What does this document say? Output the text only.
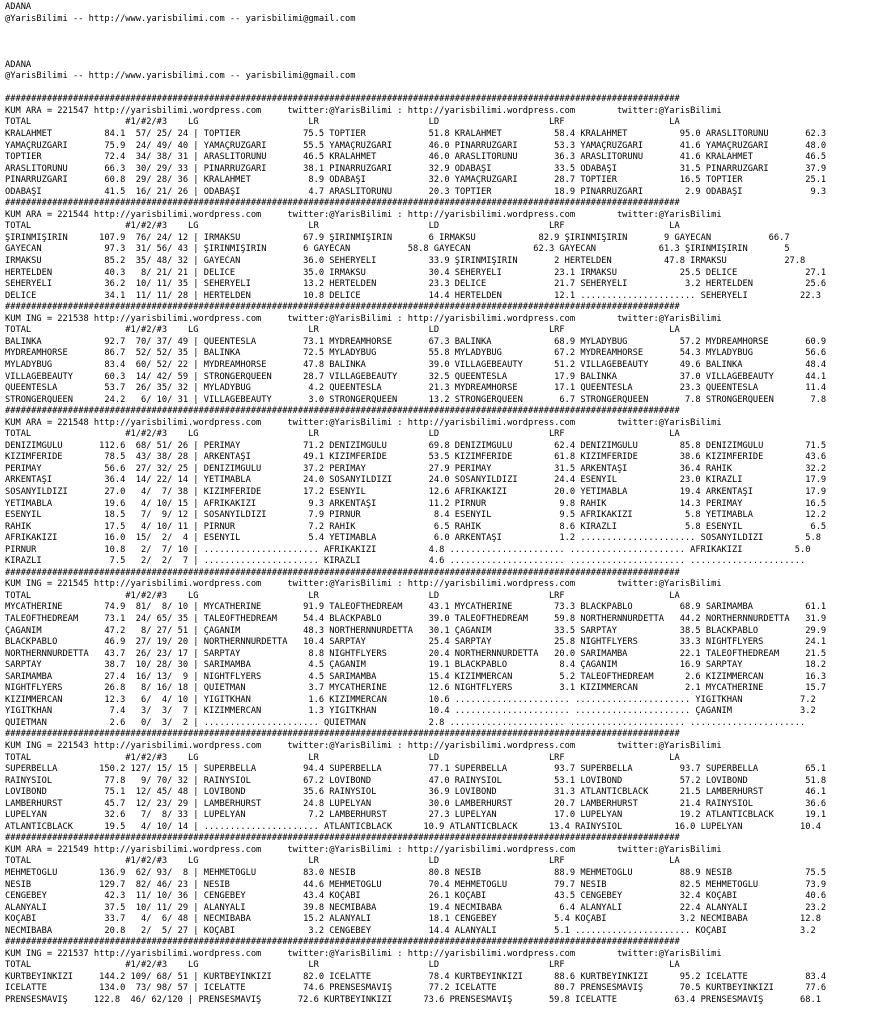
ADANA
@YarisBilimi -- http://www.yarisbilimi.com -- yarisbilimi@gmail.com

ADANA
@YarisBilimi -- http://www.yarisbilimi.com -- yarisbilimi@gmail.com

#################################################################################################################################
KUM ARA = 221547 http://yarisbilimi.wordpress.com     twitter:@YarisBilimi : http://yarisbilimi.wordpress.com        twitter:@YarisBilimi
TOTAL                  #1/#2/#3    LG                     LR                     LD                     LRF                    LA
KRALAHMET          84.1  57/ 25/ 24 | TOPTIER            75.5 TOPTIER            51.8 KRALAHMET          58.4 KRALAHMET          95.0 ARASLITORUNU       62.3
YAMAÇRÜZGARI       75.9  24/ 49/ 40 | YAMAÇRÜZGARI       55.5 YAMAÇRÜZGARI       46.0 PINARRÜZGARI       53.3 YAMAÇRÜZGARI       41.6 YAMAÇRÜZGARI       48.0
TOPTIER            72.4  34/ 38/ 31 | ARASLITORUNU       46.5 KRALAHMET          46.0 ARASLITORUNU       36.3 ARASLITORUNU       41.6 KRALAHMET          46.5
ARASLITORUNU       66.3  30/ 29/ 33 | PINARRÜZGARI       38.1 PINARRÜZGARI       32.9 ODABAŞI            33.5 ODABAŞI            31.5 PINARRÜZGARI       37.9
PINARRÜZGARI       60.8  29/ 28/ 36 | KRALAHMET           8.9 ODABAŞI            32.0 YAMAÇRÜZGARI       28.7 TOPTIER            16.5 TOPTIER            25.1
ODABAŞI            41.5  16/ 21/ 26 | ODABAŞI             4.7 ARASLITORUNU       20.3 TOPTIER            18.9 PINARRÜZGARI        2.9 ODABAŞI             9.3
#################################################################################################################################
KUM ARA = 221544 http://yarisbilimi.wordpress.com     twitter:@YarisBilimi : http://yarisbilimi.wordpress.com        twitter:@YarisBilimi
TOTAL                  #1/#2/#3    LG                     LR                     LD                     LRF                    LA
ŞİRİNMİŞİRİN      107.9  76/ 24/ 12 | IRMAKSU            67.9 ŞİRİNMİŞİRİN       6 IRMAKSU            82.9 ŞİRİNMİŞİRİN       9 GAYECAN           66.7
GAYECAN            97.3  31/ 56/ 43 | ŞİRİNMİŞİRİN       6 GAYECAN           58.8 GAYECAN            62.3 GAYECAN            61.3 ŞİRİNMİŞİRİN       5
IRMAKSU            85.2  35/ 48/ 32 | GAYECAN            36.0 SEHERYELİ          33.9 ŞİRİNMİŞİRİN       2 HERTELDEN          47.8 IRMAKSU           27.8
HERTELDEN          40.3   8/ 21/ 21 | DELİCE             35.0 IRMAKSU            30.4 SEHERYELİ          23.1 IRMAKSU            25.5 DELİCE             27.1
SEHERYELİ          36.2  10/ 11/ 35 | SEHERYELİ          13.2 HERTELDEN          23.3 DELİCE             21.7 SEHERYELİ           3.2 HERTELDEN          25.6
DELİCE             34.1  11/ 11/ 28 | HERTELDEN          10.8 DELİCE             14.4 HERTELDEN          12.1 ...................... SEHERYELİ          22.3
#################################################################################################################################
KUM ING = 221538 http://yarisbilimi.wordpress.com     twitter:@YarisBilimi : http://yarisbilimi.wordpress.com        twitter:@YarisBilimi
TOTAL                  #1/#2/#3    LG                     LR                     LD                     LRF                    LA
BALİNKA            92.7  70/ 37/ 49 | QUEENTESLA         73.1 MYDREAMHORSE       67.3 BALİNKA            68.9 MYLADYBUG          57.2 MYDREAMHORSE       60.9
MYDREAMHORSE       86.7  52/ 52/ 35 | BALİNKA            72.5 MYLADYBUG          55.8 MYLADYBUG          67.2 MYDREAMHORSE       54.3 MYLADYBUG          56.6
MYLADYBUG          83.4  60/ 52/ 22 | MYDREAMHORSE       47.8 BALİNKA            39.0 VILLAGEBEAUTY      51.2 VILLAGEBEAUTY      49.6 BALİNKA            48.4
VILLAGEBEAUTY      60.3  14/ 42/ 59 | STRONGERQUEEN      28.7 VILLAGEBEAUTY      32.5 QUEENTESLA         17.9 BALİNKA            37.0 VILLAGEBEAUTY      44.1
QUEENTESLA         53.7  26/ 35/ 32 | MYLADYBUG           4.2 QUEENTESLA         21.3 MYDREAMHORSE       17.1 QUEENTESLA         23.3 QUEENTESLA         11.4
STRONGERQUEEN      24.2   6/ 10/ 31 | VILLAGEBEAUTY       3.0 STRONGERQUEEN      13.2 STRONGERQUEEN       6.7 STRONGERQUEEN       7.8 STRONGERQUEEN       7.8
#################################################################################################################################
KUM ARA = 221548 http://yarisbilimi.wordpress.com     twitter:@YarisBilimi : http://yarisbilimi.wordpress.com        twitter:@YarisBilimi
TOTAL                  #1/#2/#3    LG                     LR                     LD                     LRF                    LA
DENİZİMGÜLÜ       112.6  68/ 51/ 26 | PERİMAY            71.2 DENİZİMGÜLÜ        69.8 DENİZİMGÜLÜ        62.4 DENİZİMGÜLÜ        85.8 DENİZİMGÜLÜ        71.5
KIZIMFERİDE        78.5  43/ 38/ 28 | ARKENTAŞI          49.1 KIZIMFERİDE        53.5 KIZIMFERİDE        61.8 KIZIMFERİDE        38.6 KIZIMFERİDE        43.6
PERİMAY            56.6  27/ 32/ 25 | DENİZİMGÜLÜ        37.2 PERİMAY            27.9 PERİMAY            31.5 ARKENTAŞI          36.4 RAHİK              32.2
ARKENTAŞI          36.4  14/ 22/ 14 | YETİMABLA          24.0 SOSANYILDIZI       24.0 SOSANYILDIZI       24.4 ESENYIL            23.0 KIRAZLI            17.9
SOSANYILDIZI       27.0   4/  7/ 38 | KIZIMFERİDE        17.2 ESENYIL            12.6 AFRİKAKIZI         20.0 YETİMABLA          19.4 ARKENTAŞI          17.9
YETİMABLA          19.6   4/ 10/ 15 | AFRİKAKIZI          9.3 ARKENTAŞI          11.2 PİRNUR              9.8 RAHİK              14.3 PERİMAY            16.5
ESENYIL            18.5   7/  9/ 12 | SOSANYILDIZI        7.9 PİRNUR              8.4 ESENYIL             9.5 AFRİKAKIZI          5.8 YETİMABLA          12.2
RAHİK              17.5   4/ 10/ 11 | PİRNUR              7.2 RAHİK               6.5 RAHİK               8.6 KIRAZLI             5.8 ESENYIL             6.5
AFRİKAKIZI         16.0  15/  2/  4 | ESENYIL             5.4 YETİMABLA           6.0 ARKENTAŞI           1.2 ...................... SOSANYILDIZI        5.8
PİRNUR             10.8   2/  7/ 10 | ...................... AFRİKAKIZI          4.8 ...................... ...................... AFRİKAKIZI          5.0
KIRAZLI             7.5   2/  2/  7 | ...................... KIRAZLI             4.6 ...................... ...................... ......................
#################################################################################################################################
KUM ING = 221545 http://yarisbilimi.wordpress.com     twitter:@YarisBilimi : http://yarisbilimi.wordpress.com        twitter:@YarisBilimi
TOTAL                  #1/#2/#3    LG                     LR                     LD                     LRF                    LA
MYCATHERINE        74.9  81/  8/ 10 | MYCATHERINE        91.9 TALEOFTHEDREAM     43.1 MYCATHERINE        73.3 BLACKPABLO         68.9 SARIMAMBA          61.1
TALEOFTHEDREAM     73.1  24/ 65/ 35 | TALEOFTHEDREAM     54.4 BLACKPABLO         39.0 TALEOFTHEDREAM     59.8 NORTHERNNURDETTA   44.2 NORTHERNNURDETTA   31.9
ÇAĞANIM            47.2   8/ 27/ 51 | ÇAĞANIM            48.3 NORTHERNNURDETTA   30.1 ÇAĞANIM            33.5 SARPTAY            38.5 BLACKPABLO         29.9
BLACKPABLO         46.9  27/ 19/ 20 | NORTHERNNURDETTA   10.4 SARPTAY            25.4 SARPTAY            25.8 NIGHTFLYERS        33.3 NIGHTFLYERS        24.1
NORTHERNNURDETTA   43.7  26/ 23/ 17 | SARPTAY             8.8 NIGHTFLYERS        20.4 NORTHERNNURDETTA   20.0 SARIMAMBA          22.1 TALEOFTHEDREAM     21.5
SARPTAY            38.7  10/ 28/ 30 | SARIMAMBA           4.5 ÇAĞANIM            19.1 BLACKPABLO          8.4 ÇAĞANIM            16.9 SARPTAY            18.2
SARIMAMBA          27.4  16/ 13/  9 | NIGHTFLYERS         4.5 SARIMAMBA          15.4 KIZIMMERCAN         5.2 TALEOFTHEDREAM      2.6 KIZIMMERCAN        16.3
NIGHTFLYERS        26.8   8/ 16/ 18 | QUIETMAN            3.7 MYCATHERINE        12.6 NIGHTFLYERS         3.1 KIZIMMERCAN         2.1 MYCATHERINE        15.7
KIZIMMERCAN        12.3   6/  4/ 10 | YİĞİTKHAN           1.6 KIZIMMERCAN        10.6 ...................... ...................... YİĞİTKHAN           7.2
YİĞİTKHAN           7.4   3/  3/  7 | KIZIMMERCAN         1.3 YİĞİTKHAN          10.4 ...................... ...................... ÇAĞANIM             3.2
QUIETMAN            2.6   0/  3/  2 | ...................... QUIETMAN            2.8 ...................... ...................... ......................
#################################################################################################################################
KUM ING = 221543 http://yarisbilimi.wordpress.com     twitter:@YarisBilimi : http://yarisbilimi.wordpress.com        twitter:@YarisBilimi
TOTAL                  #1/#2/#3    LG                     LR                     LD                     LRF                    LA
SUPERBELLA        150.2 127/ 15/ 15 | SUPERBELLA         94.4 SUPERBELLA         77.1 SUPERBELLA         93.7 SUPERBELLA         93.7 SUPERBELLA         65.1
RAİNYSİOL          77.8   9/ 70/ 32 | RAİNYSİOL          67.2 LOVİBOND           47.0 RAİNYSİOL          53.1 LOVİBOND           57.2 LOVİBOND           51.8
LOVİBOND           75.1  12/ 45/ 48 | LOVİBOND           35.6 RAİNYSİOL          36.9 LOVİBOND           31.3 ATLANTICBLACK      21.5 LAMBERHURST        46.1
LAMBERHURST        45.7  12/ 23/ 29 | LAMBERHURST        24.8 LUPELYAN           30.0 LAMBERHURST        20.7 LAMBERHURST        21.4 RAİNYSİOL          36.6
LUPELYAN           32.6   7/  8/ 33 | LUPELYAN            7.2 LAMBERHURST        27.3 LUPELYAN           17.0 LUPELYAN           19.2 ATLANTICBLACK      19.1
ATLANTICBLACK      19.5   4/ 10/ 14 | ...................... ATLANTICBLACK      10.9 ATLANTICBLACK      13.4 RAİNYSİOL          16.0 LUPELYAN           10.4
#################################################################################################################################
KUM ARA = 221549 http://yarisbilimi.wordpress.com     twitter:@YarisBilimi : http://yarisbilimi.wordpress.com        twitter:@YarisBilimi
TOTAL                  #1/#2/#3    LG                     LR                     LD                     LRF                    LA
MEHMETOĞLU        136.9  62/ 93/  8 | MEHMETOĞLU         83.0 NESİB              80.8 NESİB              88.9 MEHMETOĞLU         88.9 NESİB              75.5
NESİB             129.7  82/ 46/ 23 | NESİB              44.6 MEHMETOĞLU         70.4 MEHMETOĞLU         79.7 NESİB              82.5 MEHMETOĞLU         73.9
CENGEBEY           42.3  11/ 10/ 36 | CENGEBEY           43.4 KOÇABİ             26.1 KOÇABİ             43.5 CENGEBEY           32.4 KOÇABİ             40.6
ALANYALI           37.5  10/ 11/ 29 | ALANYALI           39.8 NECMİBABA          19.4 NECMİBABA           6.4 ALANYALI           22.4 ALANYALI           23.2
KOÇABİ             33.7   4/  6/ 48 | NECMİBABA          15.2 ALANYALI           18.1 CENGEBEY           5.4 KOÇABİ              3.2 NECMİBABA          12.8
NECMİBABA          20.8   2/  5/ 27 | KOÇABİ              3.2 CENGEBEY           14.4 ALANYALI           5.1 ...................... KOÇABİ              3.2
#################################################################################################################################
KUM ING = 221537 http://yarisbilimi.wordpress.com     twitter:@YarisBilimi : http://yarisbilimi.wordpress.com        twitter:@YarisBilimi
TOTAL                  #1/#2/#3    LG                     LR                     LD                     LRF                    LA
KURTBEYİNKIZI     144.2 109/ 68/ 51 | KURTBEYİNKIZI      82.0 ICELATTE           78.4 KURTBEYİNKIZI      88.6 KURTBEYİNKIZI      95.2 ICELATTE           83.4
ICELATTE          134.0  73/ 98/ 57 | ICELATTE           74.6 PRENSESMAVİŞ       77.2 ICELATTE           80.7 PRENSESMAVİŞ       70.5 KURTBEYİNKIZI      77.6
PRENSESMAVİŞ     122.8  46/ 62/120 | PRENSESMAVİŞ       72.6 KURTBEYİNKIZI      73.6 PRENSESMAVİŞ       59.8 ICELATTE           63.4 PRENSESMAVİŞ       68.1
